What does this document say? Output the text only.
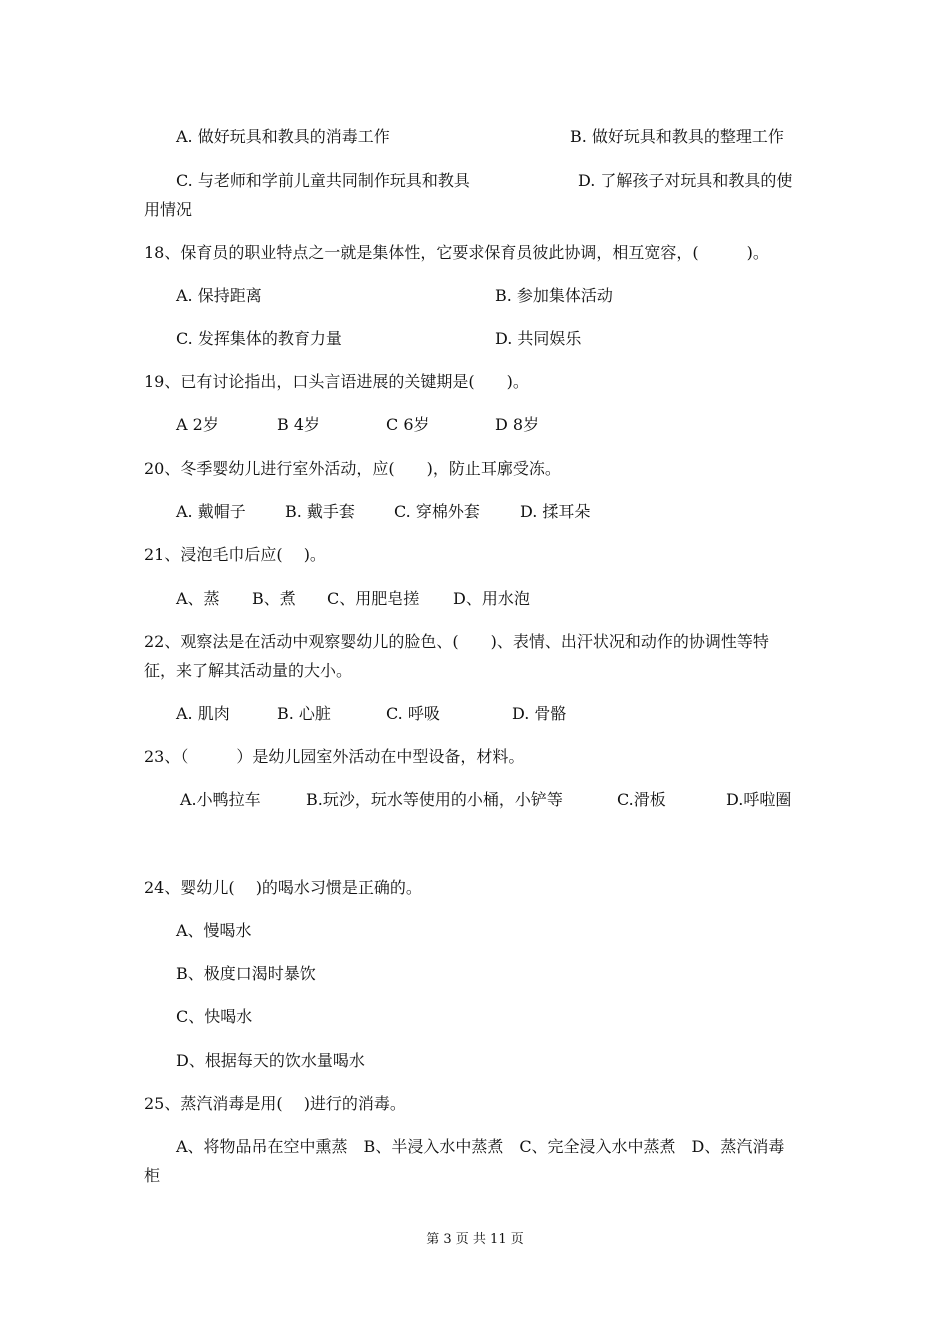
A. 做好玩具和教具的消毒工作	B. 做好玩具和教具的整理工作
C. 与老师和学前儿童共同制作玩具和教具	D. 了解孩子对玩具和教具的使
用情况
18、保育员的职业特点之一就是集体性，它要求保育员彼此协调，相互宽容，(　　　)。
A. 保持距离	B. 参加集体活动
C. 发挥集体的教育力量	D. 共同娱乐
19、已有讨论指出，口头言语进展的关键期是(　　)。
A 2岁	B 4岁	C 6岁	D 8岁
20、冬季婴幼儿进行室外活动，应(　　)，防止耳廓受冻。
A. 戴帽子 B. 戴手套 C. 穿棉外套	D. 揉耳朵
21、浸泡毛巾后应(　 )。
A、蒸 B、煮 C、用肥皂搓 D、用水泡
22、观察法是在活动中观察婴幼儿的脸色、(　　)、表情、出汗状况和动作的协调性等特
征，来了解其活动量的大小。
A. 肌肉	B. 心脏	C. 呼吸	D. 骨骼
23、（　　　）是幼儿园室外活动在中型设备，材料。
A.小鸭拉车	B.玩沙，玩水等使用的小桶，小铲等	C.滑板	D.呼啦圈
24、婴幼儿(　 )的喝水习惯是正确的。
A、慢喝水
B、极度口渴时暴饮
C、快喝水
D、根据每天的饮水量喝水
25、蒸汽消毒是用(　 )进行的消毒。
A、将物品吊在空中熏蒸　B、半浸入水中蒸煮　C、完全浸入水中蒸煮　D、蒸汽消毒
柜
第 3 页 共 11 页
